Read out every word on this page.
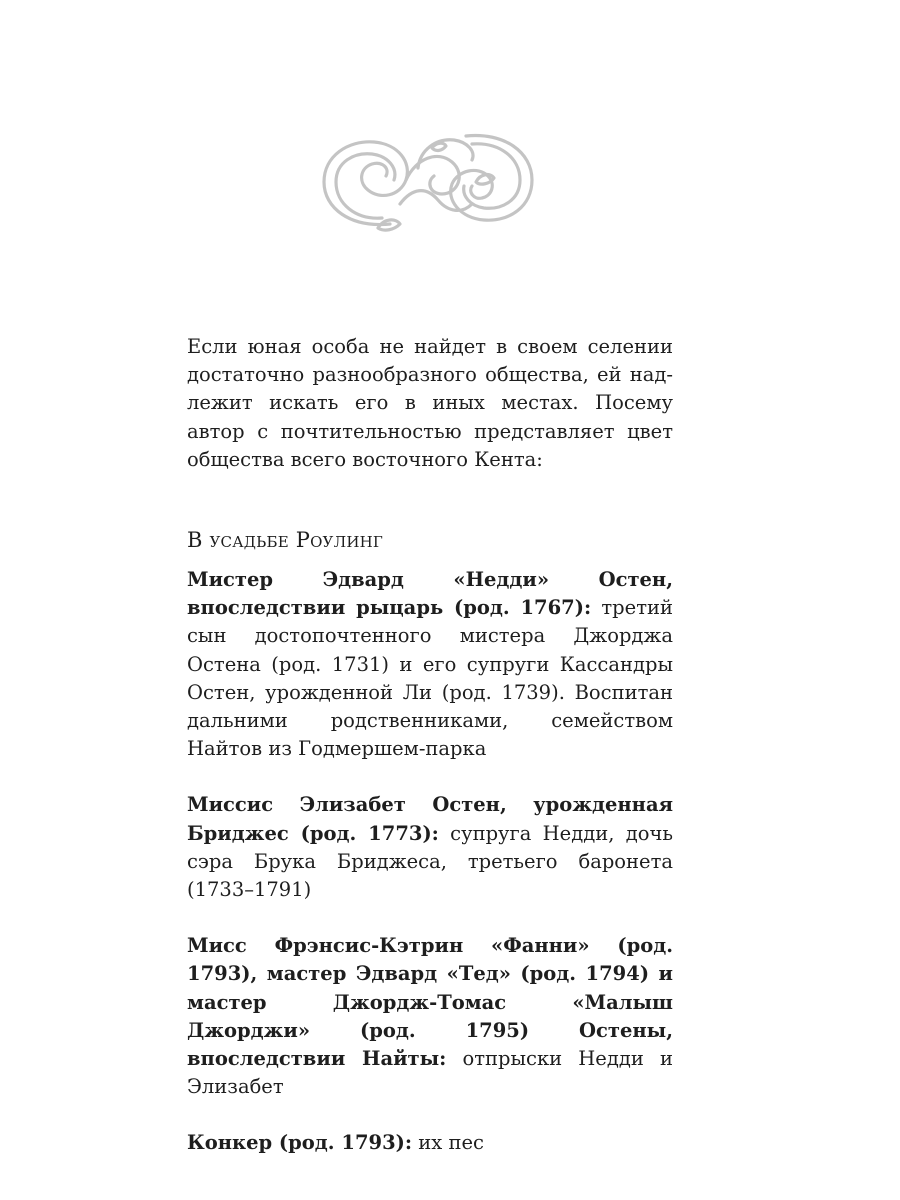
Если юная особа не найдет в своем селении достаточно разнообразного общества, ей надлежит искать его в иных местах. Посему автор с почтительностью представляет цвет общества всего восточного Кента:

В усадьбе Роулинг

Мистер Эдвард «Недди» Остен, впоследствии рыцарь (род. 1767): третий сын достопочтенного мистера Джорджа Остена (род. 1731) и его супруги Кассандры Остен, урожденной Ли (род. 1739). Воспитан дальними родственниками, семейством Найтов из Годмершем-парка

Миссис Элизабет Остен, урожденная Бриджес (род. 1773): супруга Недди, дочь сэра Брука Бриджеса, третьего баронета (1733–1791)

Мисс Фрэнсис-Кэтрин «Фанни» (род. 1793), мастер Эдвард «Тед» (род. 1794) и мастер Джордж-Томас «Малыш Джорджи» (род. 1795) Остены, впоследствии Найты: отпрыски Недди и Элизабет

Конкер (род. 1793): их пес
